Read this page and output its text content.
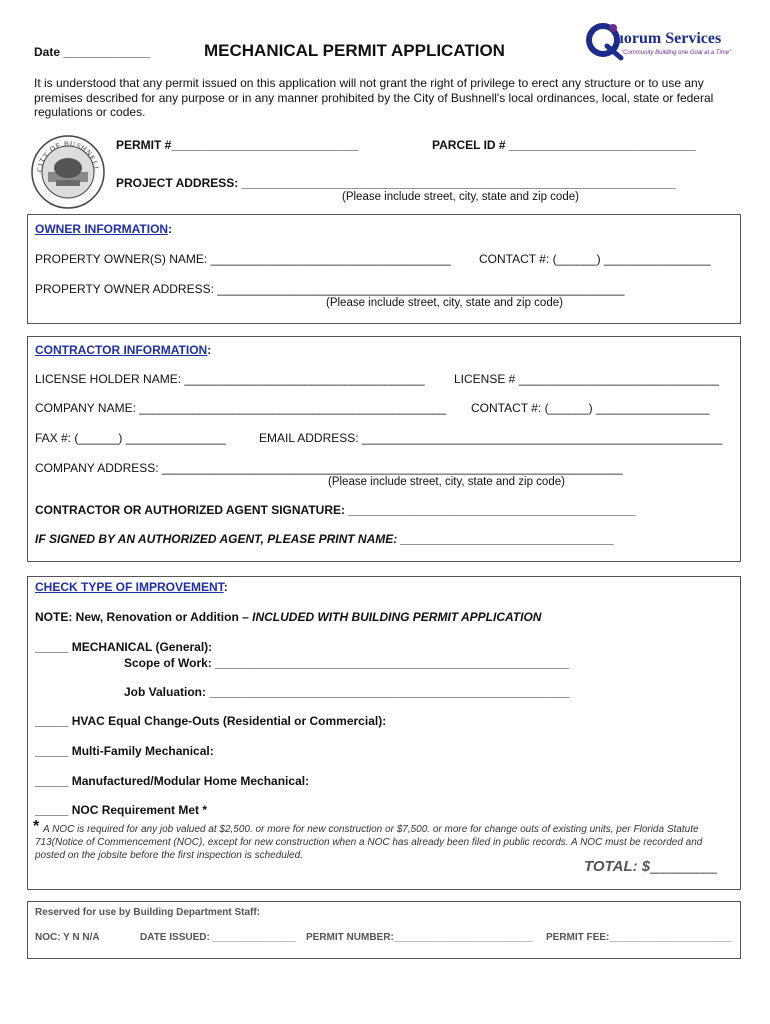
Date _____________	MECHANICAL PERMIT APPLICATION
uorum Services
"Community Building one Goal at a Time"
It is understood that any permit issued on this application will not grant the right of privilege to erect any structure or to use any premises described for any purpose or in any manner prohibited by the City of Bushnell's local ordinances, local, state or federal regulations or codes.
CITY OF BUSHNELL
PERMIT #____________________________	PARCEL ID # ____________________________
PROJECT ADDRESS: _________________________________________________________________
(Please include street, city, state and zip code)
OWNER INFORMATION:
PROPERTY OWNER(S) NAME: ____________________________________ CONTACT #: (______) ________________
PROPERTY OWNER ADDRESS: _____________________________________________________________
(Please include street, city, state and zip code)
CONTRACTOR INFORMATION:
LICENSE HOLDER NAME: ____________________________________ LICENSE # ______________________________
COMPANY NAME: ______________________________________________ CONTACT #: (______) _________________
FAX #: (______) _______________	EMAIL ADDRESS: ______________________________________________________
COMPANY ADDRESS: _____________________________________________________________________
(Please include street, city, state and zip code)
CONTRACTOR OR AUTHORIZED AGENT SIGNATURE: ___________________________________________
IF SIGNED BY AN AUTHORIZED AGENT, PLEASE PRINT NAME: ________________________________
CHECK TYPE OF IMPROVEMENT:
NOTE: New, Renovation or Addition – INCLUDED WITH BUILDING PERMIT APPLICATION
_____ MECHANICAL (General):
Scope of Work: _____________________________________________________
Job Valuation: ______________________________________________________
_____ HVAC Equal Change-Outs (Residential or Commercial):
_____ Multi-Family Mechanical:
_____ Manufactured/Modular Home Mechanical:
_____ NOC Requirement Met *
* A NOC is required for any job valued at $2,500. or more for new construction or $7,500. or more for change outs of existing units, per Florida Statute 713(Notice of Commencement (NOC), except for new construction when a NOC has already been filed in public records. A NOC must be recorded and posted on the jobsite before the first inspection is scheduled.
TOTAL: $__________
Reserved for use by Building Department Staff:
NOC: Y N N/A	DATE ISSUED: _______________ PERMIT NUMBER:_________________________ PERMIT FEE:______________________
